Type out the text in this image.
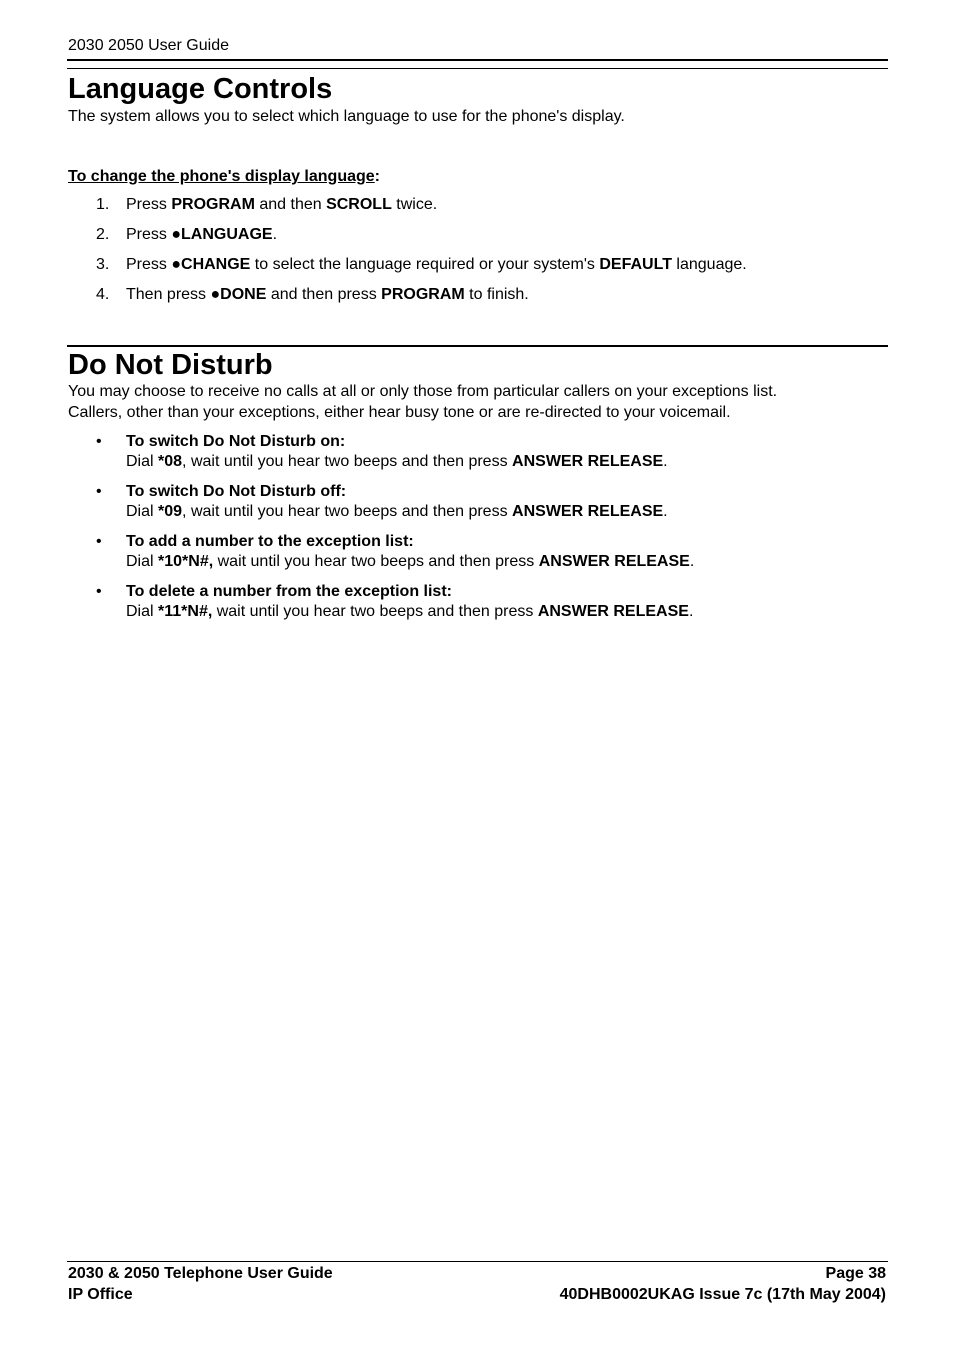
2030 2050 User Guide
Language Controls
The system allows you to select which language to use for the phone's display.
To change the phone's display language:
1. Press PROGRAM and then SCROLL twice.
2. Press ●LANGUAGE.
3. Press ●CHANGE to select the language required or your system's DEFAULT language.
4. Then press ●DONE and then press PROGRAM to finish.
Do Not Disturb
You may choose to receive no calls at all or only those from particular callers on your exceptions list.
Callers, other than your exceptions, either hear busy tone or are re-directed to your voicemail.
•	To switch Do Not Disturb on:
Dial *08, wait until you hear two beeps and then press ANSWER RELEASE.
•	To switch Do Not Disturb off:
Dial *09, wait until you hear two beeps and then press ANSWER RELEASE.
•	To add a number to the exception list:
Dial *10*N#, wait until you hear two beeps and then press ANSWER RELEASE.
•	To delete a number from the exception list:
Dial *11*N#, wait until you hear two beeps and then press ANSWER RELEASE.
2030 & 2050 Telephone User Guide
IP Office
Page 38
40DHB0002UKAG Issue 7c (17th May 2004)
